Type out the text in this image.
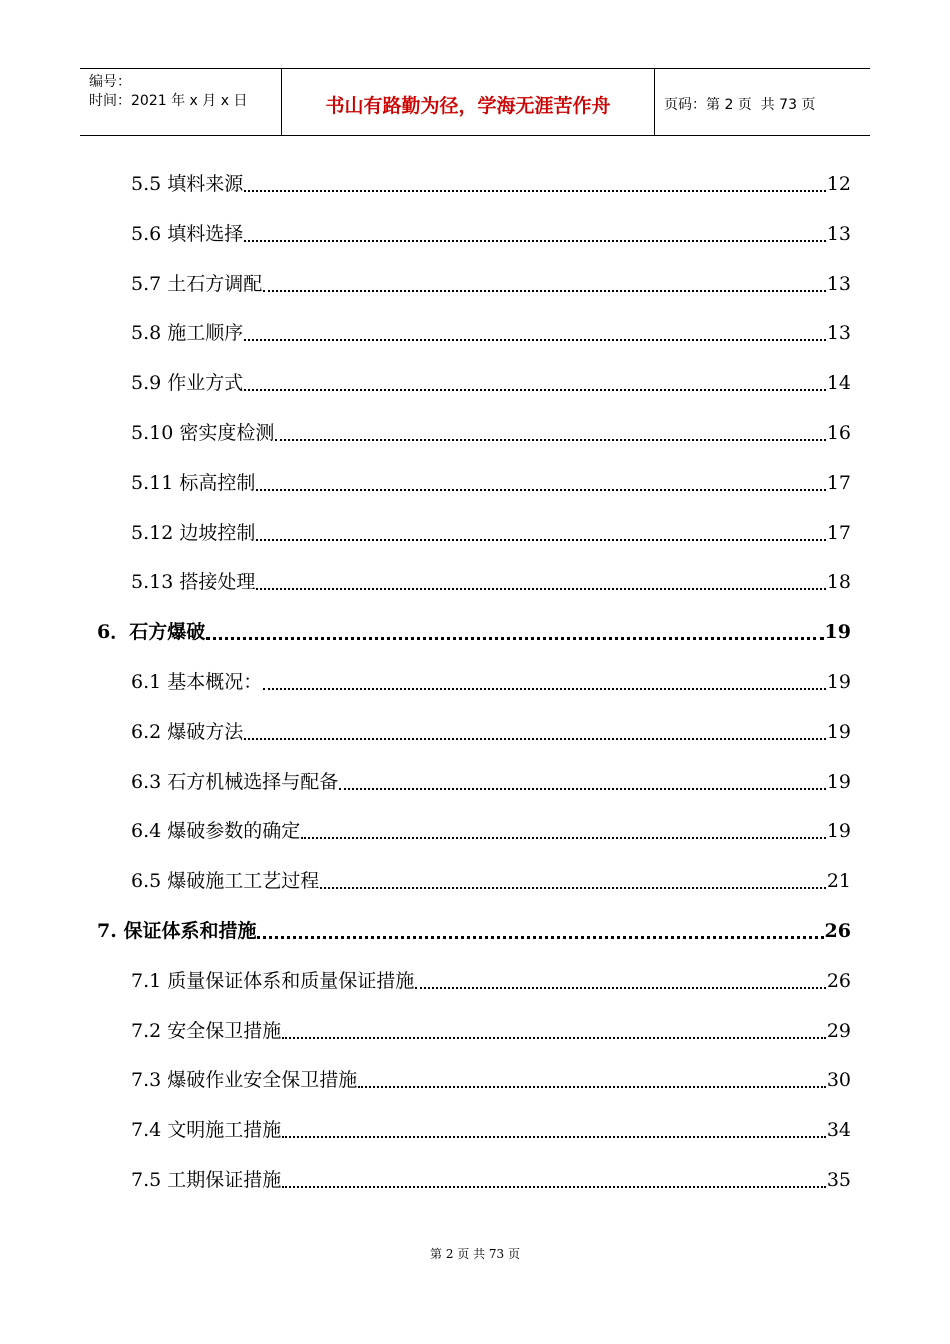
编号：
时间：2021 年 x 月 x 日	书山有路勤为径，学海无涯苦作舟	页码：第 2 页  共 73 页
5.5 填料来源	12
5.6 填料选择	13
5.7 土石方调配	13
5.8 施工顺序	13
5.9 作业方式	14
5.10 密实度检测	16
5.11 标高控制	17
5.12 边坡控制	17
5.13 搭接处理	18
6．石方爆破	19
6.1 基本概况：	19
6.2 爆破方法	19
6.3 石方机械选择与配备	19
6.4 爆破参数的确定	19
6.5 爆破施工工艺过程	21
7. 保证体系和措施	26
7.1 质量保证体系和质量保证措施	26
7.2 安全保卫措施	29
7.3 爆破作业安全保卫措施	30
7.4 文明施工措施	34
7.5 工期保证措施	35
第 2 页 共 73 页
